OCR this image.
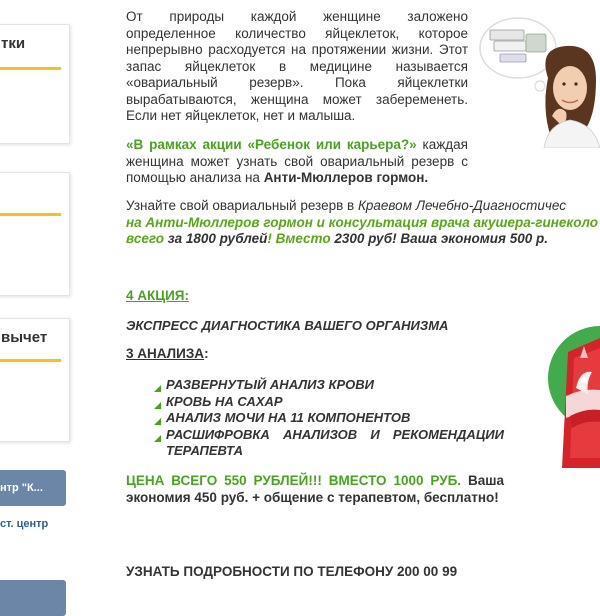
тки
вычет
нтр "К...
ст. центр
От природы каждой женщине заложено определенное количество яйцеклеток, которое непрерывно расходуется на протяжении жизни. Этот запас яйцеклеток в медицине называется «овариальный резерв». Пока яйцеклетки вырабатываются, женщина может забеременеть. Если нет яйцеклеток, нет и малыша.
«В рамках акции «Ребенок или карьера?» каждая женщина может узнать свой овариальный резерв с помощью анализа на Анти-Мюллеров гормон.
Узнайте свой овариальный резерв в Краевом Лечебно-Диагностичес
на Анти-Мюллеров гормон и консультация врача акушера-гинеколо
всего за 1800 рублей! Вместо 2300 руб! Ваша экономия 500 р.
4 АКЦИЯ:
ЭКСПРЕСС ДИАГНОСТИКА ВАШЕГО ОРГАНИЗМА
3 АНАЛИЗА:
РАЗВЕРНУТЫЙ АНАЛИЗ КРОВИ
КРОВЬ НА САХАР
АНАЛИЗ МОЧИ НА 11 КОМПОНЕНТОВ
РАСШИФРОВКА АНАЛИЗОВ И РЕКОМЕНДАЦИИ ТЕРАПЕВТА
ЦЕНА ВСЕГО 550 РУБЛЕЙ!!! ВМЕСТО 1000 РУБ. Ваша экономия 450 руб. + общение с терапевтом, бесплатно!
УЗНАТЬ ПОДРОБНОСТИ ПО ТЕЛЕФОНУ 200 00 99
